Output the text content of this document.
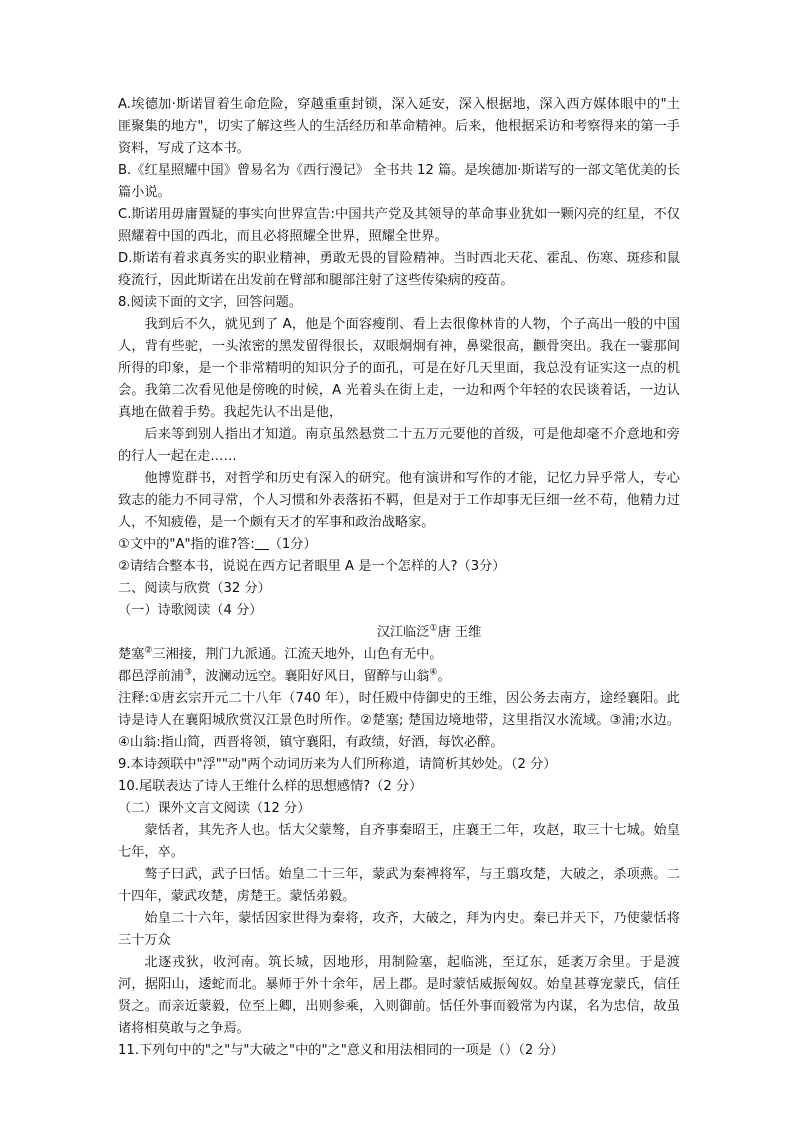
A.埃德加·斯诺冒着生命危险，穿越重重封锁，深入延安，深入根据地，深入西方媒体眼中的"土匪聚集的地方"，切实了解这些人的生活经历和革命精神。后来，他根据采访和考察得来的第一手资料，写成了这本书。

B.《红星照耀中国》曾易名为《西行漫记》 全书共 12 篇。是埃德加·斯诺写的一部文笔优美的长篇小说。

C.斯诺用毋庸置疑的事实向世界宣告:中国共产党及其领导的革命事业犹如一颗闪亮的红星，不仅照耀着中国的西北，而且必将照耀全世界，照耀全世界。

D.斯诺有着求真务实的职业精神，勇敢无畏的冒险精神。当时西北天花、霍乱、伤寒、斑疹和鼠疫流行，因此斯诺在出发前在臂部和腿部注射了这些传染病的疫苗。

8.阅读下面的文字，回答问题。

我到后不久，就见到了 A，他是个面容瘦削、看上去很像林肯的人物，个子高出一般的中国人，背有些驼，一头浓密的黑发留得很长，双眼炯炯有神，鼻梁很高，颧骨突出。我在一霎那间所得的印象，是一个非常精明的知识分子的面孔，可是在好几天里面，我总没有证实这一点的机会。我第二次看见他是傍晚的时候，A 光着头在街上走，一边和两个年轻的农民谈着话，一边认真地在做着手势。我起先认不出是他，

后来等到别人指出才知道。南京虽然悬赏二十五万元要他的首级，可是他却毫不介意地和旁的行人一起在走……

他博览群书，对哲学和历史有深入的研究。他有演讲和写作的才能，记忆力异乎常人，专心致志的能力不同寻常，个人习惯和外表落拓不羁，但是对于工作却事无巨细一丝不苟，他精力过人，不知疲倦，是一个颇有天才的军事和政治战略家。

①文中的"A"指的谁?答: （1分）

②请结合整本书，说说在西方记者眼里 A 是一个怎样的人?（3分）

二、阅读与欣赏（32 分）

（一）诗歌阅读（4 分）

汉江临泛①唐 王维

楚塞②三湘接，荆门九派通。江流天地外，山色有无中。

郡邑浮前浦③，波澜动远空。襄阳好风日，留醉与山翁④。

注释:①唐玄宗开元二十八年（740 年），时任殿中侍御史的王维，因公务去南方，途经襄阳。此诗是诗人在襄阳城欣赏汉江景色时所作。②楚塞; 楚国边境地带，这里指汉水流域。③浦;水边。④山翁:指山简，西晋将领，镇守襄阳，有政绩，好酒，每饮必醉。

9.本诗颈联中"浮""动"两个动词历来为人们所称道，请简析其妙处。（2 分）

10.尾联表达了诗人王维什么样的思想感情?（2 分）

（二）课外文言文阅读（12 分）

蒙恬者，其先齐人也。恬大父蒙骜，自齐事秦昭王，庄襄王二年，攻赵，取三十七城。始皇七年，卒。

骜子曰武，武子曰恬。始皇二十三年，蒙武为秦裨将军，与王翦攻楚，大破之，杀项燕。二十四年，蒙武攻楚，虏楚王。蒙恬弟毅。

始皇二十六年，蒙恬因家世得为秦将，攻齐，大破之，拜为内史。秦已并天下，乃使蒙恬将三十万众

北逐戎狄，收河南。筑长城，因地形，用制险塞，起临洮，至辽东，延袤万余里。于是渡河，据阳山，逶蛇而北。暴师于外十余年，居上郡。是时蒙恬威振匈奴。始皇甚尊宠蒙氏，信任贤之。而亲近蒙毅，位至上卿，出则参乘，入则御前。恬任外事而毅常为内谋，名为忠信，故虽诸将相莫敢与之争焉。

11.下列句中的"之"与"大破之"中的"之"意义和用法相同的一项是（）（2 分）
